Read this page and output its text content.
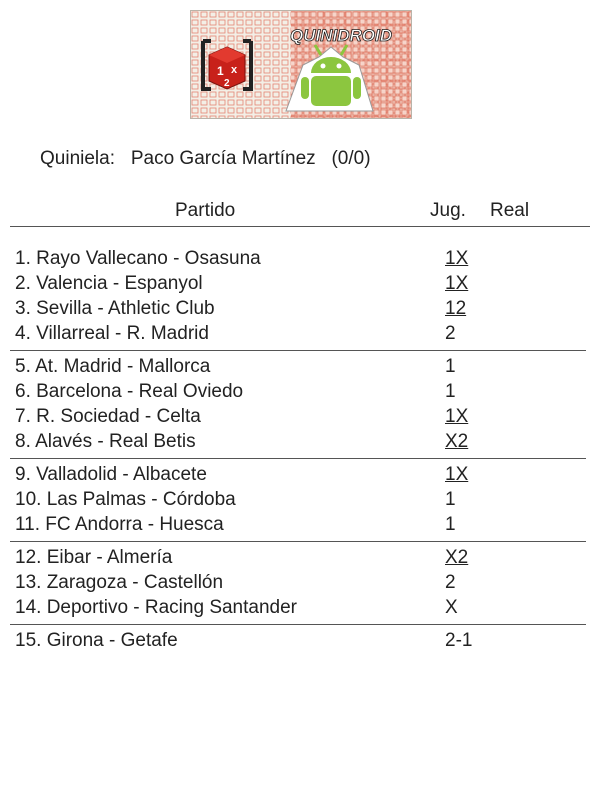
1 x
2
QUINIDROID
Quiniela: Paco García Martínez (0/0)
Partido	Jug. Real
1. Rayo Vallecano - Osasuna	1X
2. Valencia - Espanyol	1X
3. Sevilla - Athletic Club	12
4. Villarreal - R. Madrid	2
5. At. Madrid - Mallorca	1
6. Barcelona - Real Oviedo	1
7. R. Sociedad - Celta	1X
8. Alavés - Real Betis	X2
9. Valladolid - Albacete	1X
10. Las Palmas - Córdoba	1
11. FC Andorra - Huesca	1
12. Eibar - Almería	X2
13. Zaragoza - Castellón	2
14. Deportivo - Racing Santander	X
15. Girona - Getafe	2-1
